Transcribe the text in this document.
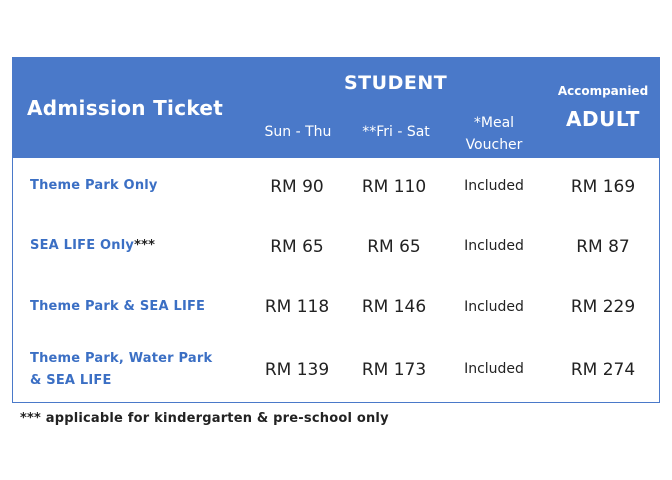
Admission Ticket
STUDENT
Sun - Thu	**Fri - Sat
*Meal
Voucher
Accompanied
ADULT
Theme Park Only	RM 90	RM 110	Included	RM 169
SEA LIFE Only***	RM 65	RM 65	Included	RM 87
Theme Park & SEA LIFE	RM 118	RM 146	Included	RM 229
Theme Park, Water Park
& SEA LIFE
RM 139	RM 173	Included	RM 274
*** applicable for kindergarten & pre-school only
